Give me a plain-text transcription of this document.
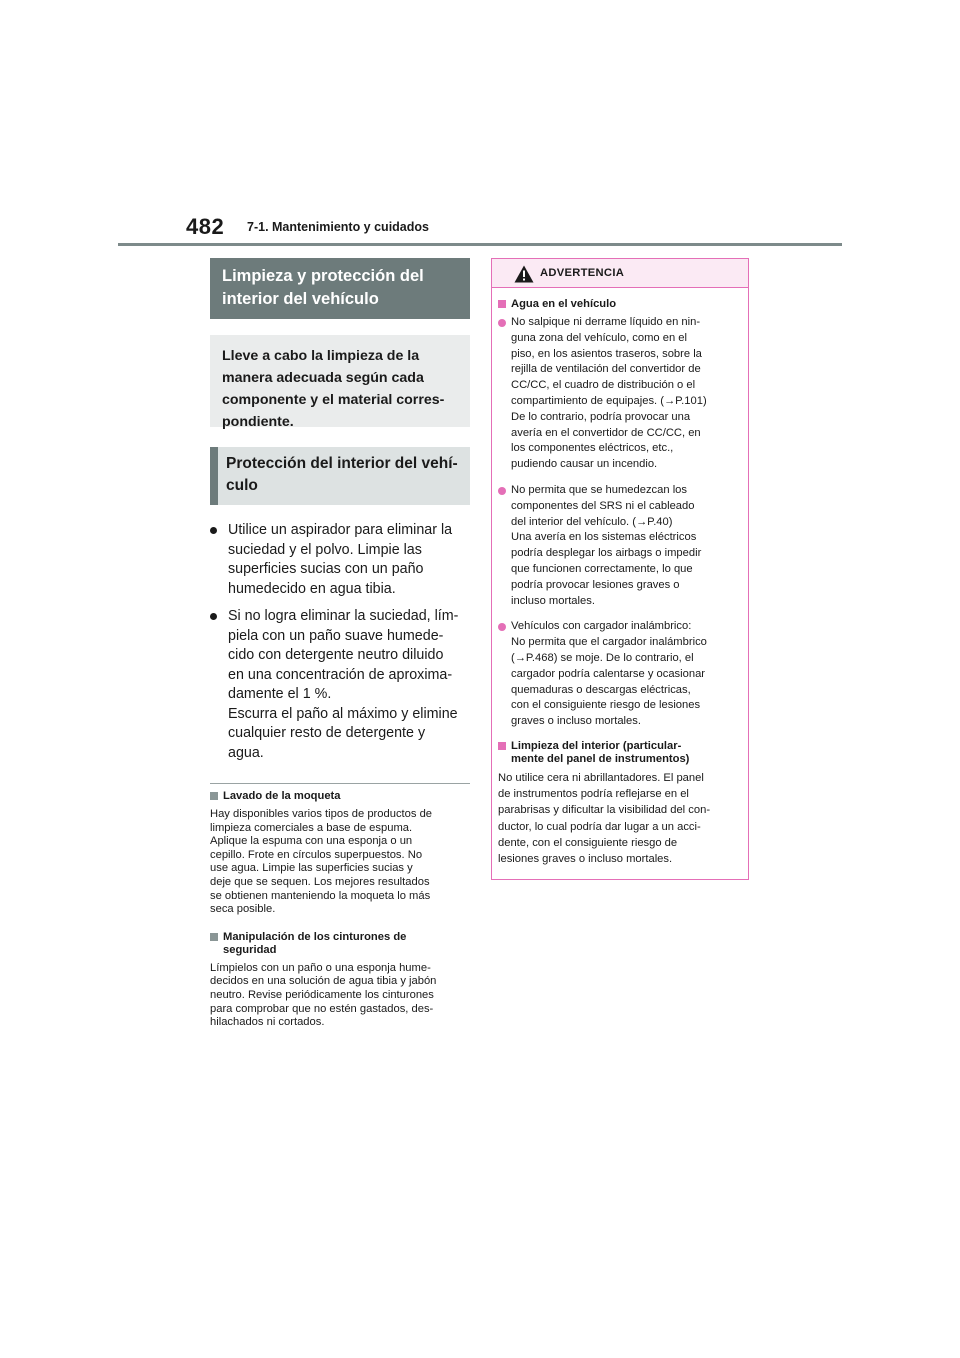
482 7-1. Mantenimiento y cuidados
Limpieza y protección del
interior del vehículo
Lleve a cabo la limpieza de la
manera adecuada según cada
componente y el material corres-
pondiente.
Protección del interior del vehí-
culo
Utilice un aspirador para eliminar la
suciedad y el polvo. Limpie las
superficies sucias con un paño
humedecido en agua tibia.
Si no logra eliminar la suciedad, lím-
piela con un paño suave humede-
cido con detergente neutro diluido
en una concentración de aproxima-
damente el 1 %.
Escurra el paño al máximo y elimine
cualquier resto de detergente y
agua.
Lavado de la moqueta
Hay disponibles varios tipos de productos de
limpieza comerciales a base de espuma.
Aplique la espuma con una esponja o un
cepillo. Frote en círculos superpuestos. No
use agua. Limpie las superficies sucias y
deje que se sequen. Los mejores resultados
se obtienen manteniendo la moqueta lo más
seca posible.
Manipulación de los cinturones de
seguridad
Límpielos con un paño o una esponja hume-
decidos en una solución de agua tibia y jabón
neutro. Revise periódicamente los cinturones
para comprobar que no estén gastados, des-
hilachados ni cortados.
ADVERTENCIA
Agua en el vehículo
No salpique ni derrame líquido en nin-
guna zona del vehículo, como en el
piso, en los asientos traseros, sobre la
rejilla de ventilación del convertidor de
CC/CC, el cuadro de distribución o el
compartimiento de equipajes. (→P.101)
De lo contrario, podría provocar una
avería en el convertidor de CC/CC, en
los componentes eléctricos, etc.,
pudiendo causar un incendio.
No permita que se humedezcan los
componentes del SRS ni el cableado
del interior del vehículo. (→P.40)
Una avería en los sistemas eléctricos
podría desplegar los airbags o impedir
que funcionen correctamente, lo que
podría provocar lesiones graves o
incluso mortales.
Vehículos con cargador inalámbrico:
No permita que el cargador inalámbrico
(→P.468) se moje. De lo contrario, el
cargador podría calentarse y ocasionar
quemaduras o descargas eléctricas,
con el consiguiente riesgo de lesiones
graves o incluso mortales.
Limpieza del interior (particular-
mente del panel de instrumentos)
No utilice cera ni abrillantadores. El panel
de instrumentos podría reflejarse en el
parabrisas y dificultar la visibilidad del con-
ductor, lo cual podría dar lugar a un acci-
dente, con el consiguiente riesgo de
lesiones graves o incluso mortales.
